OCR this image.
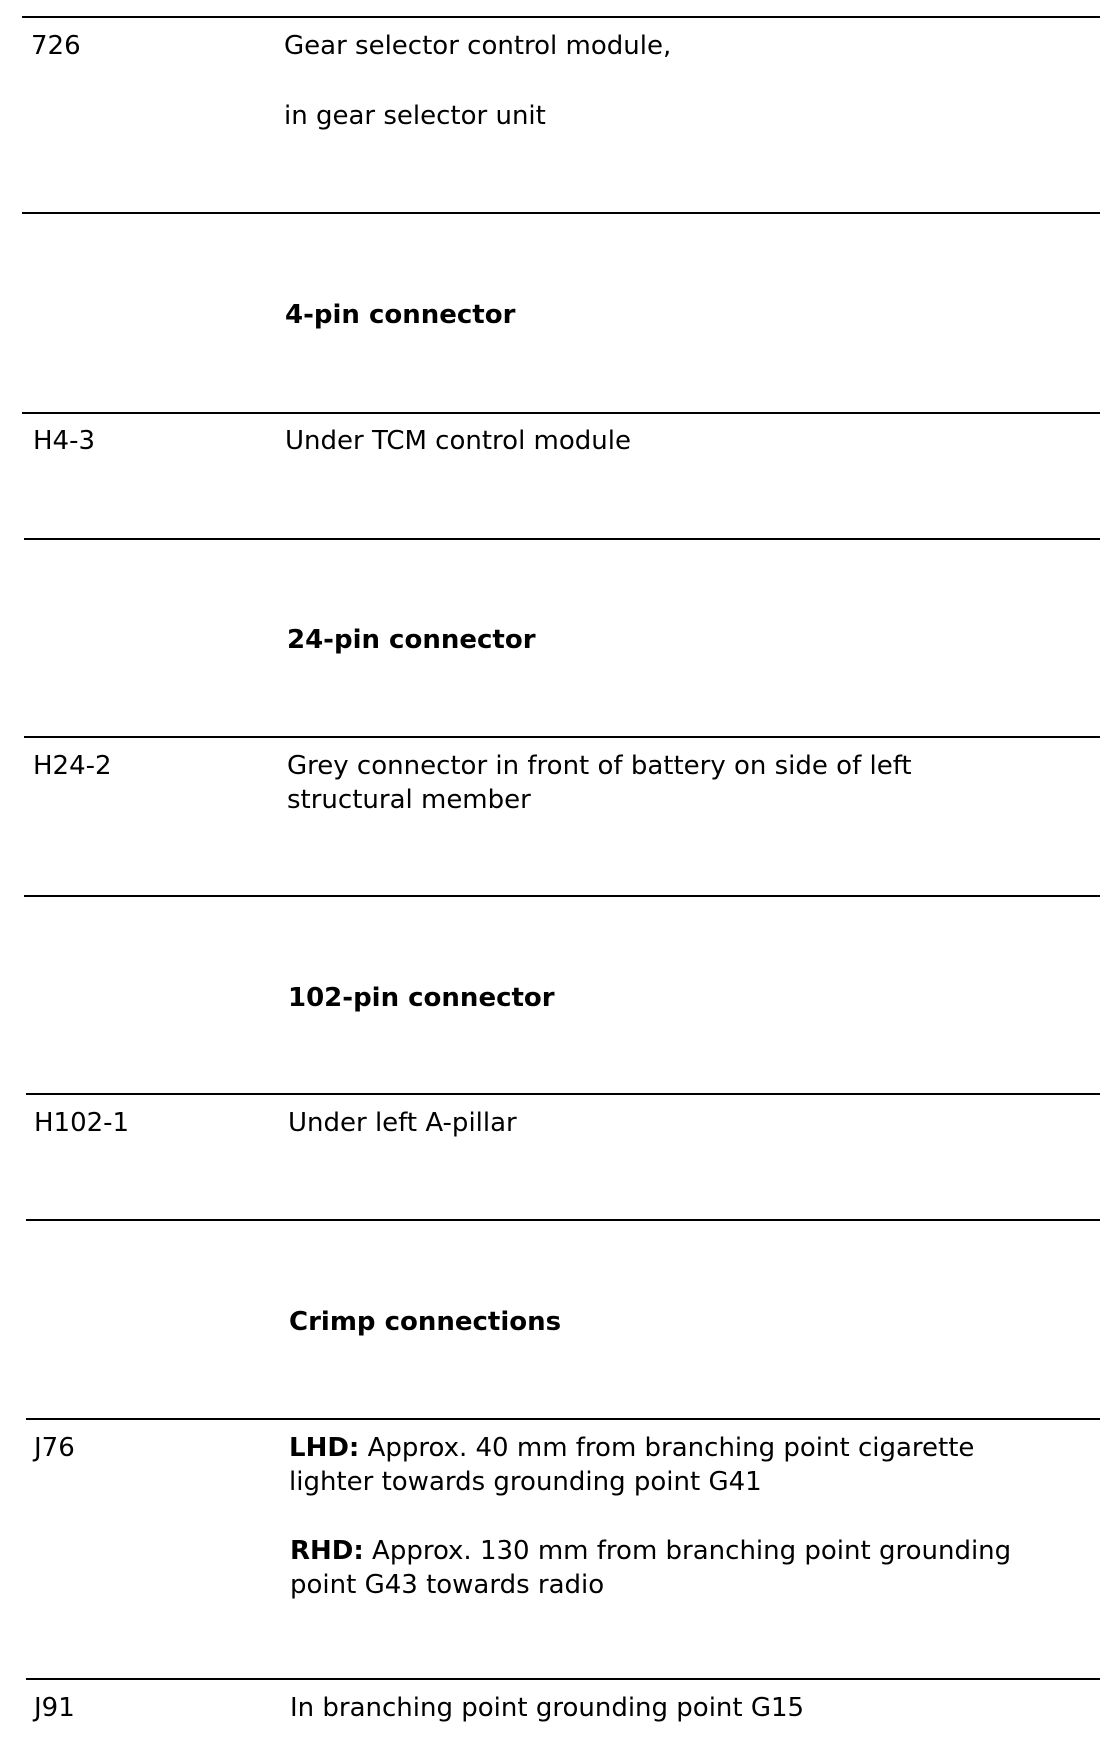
726	Gear selector control module,
in gear selector unit
4-pin connector
H4-3	Under TCM control module
24-pin connector
H24-2	Grey connector in front of battery on side of left
structural member
102-pin connector
H102-1	Under left A-pillar
Crimp connections
J76	LHD: Approx. 40 mm from branching point cigarette
lighter towards grounding point G41
RHD: Approx. 130 mm from branching point grounding
point G43 towards radio
J91	In branching point grounding point G15
